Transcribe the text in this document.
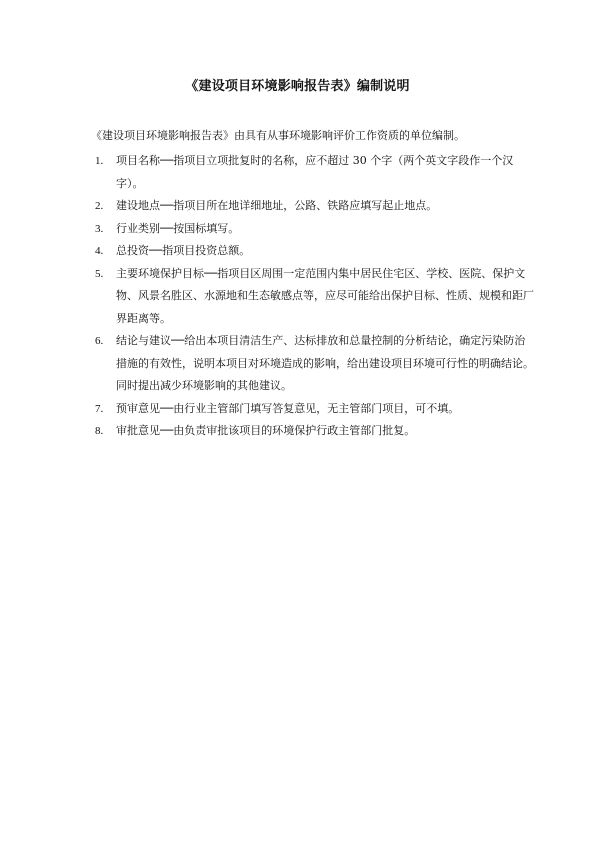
《建设项目环境影响报告表》编制说明
《建设项目环境影响报告表》由具有从事环境影响评价工作资质的单位编制。
1. 项目名称──指项目立项批复时的名称，应不超过 30 个字（两个英文字段作一个汉字）。
2. 建设地点──指项目所在地详细地址，公路、铁路应填写起止地点。
3. 行业类别──按国标填写。
4. 总投资──指项目投资总额。
5. 主要环境保护目标──指项目区周围一定范围内集中居民住宅区、学校、医院、保护文物、风景名胜区、水源地和生态敏感点等，应尽可能给出保护目标、性质、规模和距厂界距离等。
6. 结论与建议──给出本项目清洁生产、达标排放和总量控制的分析结论，确定污染防治措施的有效性，说明本项目对环境造成的影响，给出建设项目环境可行性的明确结论。同时提出减少环境影响的其他建议。
7. 预审意见──由行业主管部门填写答复意见，无主管部门项目，可不填。
8. 审批意见──由负责审批该项目的环境保护行政主管部门批复。
